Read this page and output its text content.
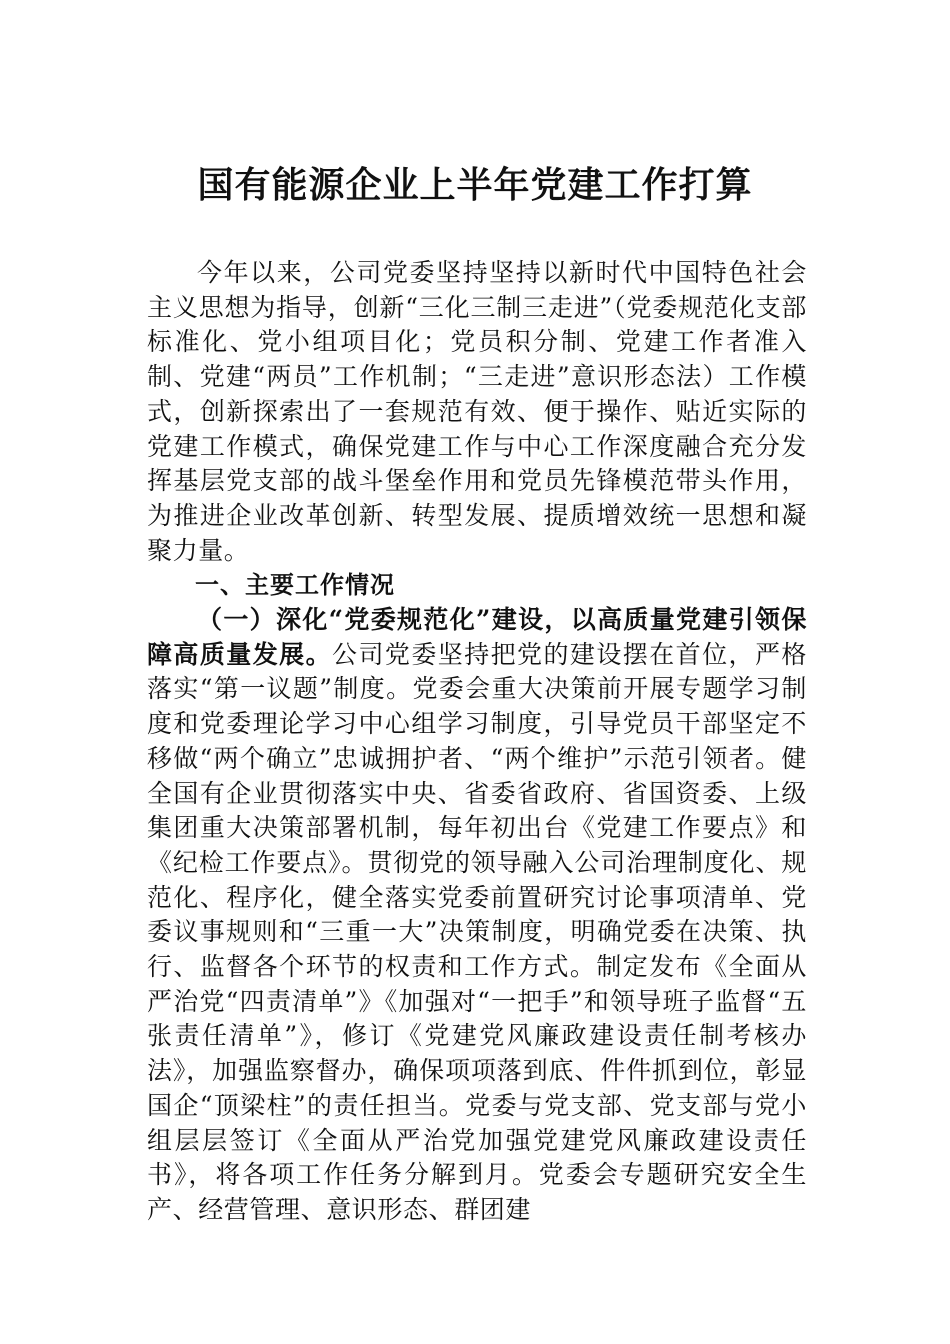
国有能源企业上半年党建工作打算

今年以来，公司党委坚持坚持以新时代中国特色社会主义思想为指导，创新“三化三制三走进”（党委规范化支部标准化、党小组项目化；党员积分制、党建工作者准入制、党建“两员”工作机制；“三走进”意识形态法）工作模式，创新探索出了一套规范有效、便于操作、贴近实际的党建工作模式，确保党建工作与中心工作深度融合充分发挥基层党支部的战斗堡垒作用和党员先锋模范带头作用，为推进企业改革创新、转型发展、提质增效统一思想和凝聚力量。

一、主要工作情况

（一）深化“党委规范化”建设，以高质量党建引领保障高质量发展。公司党委坚持把党的建设摆在首位，严格落实“第一议题”制度。党委会重大决策前开展专题学习制度和党委理论学习中心组学习制度，引导党员干部坚定不移做“两个确立”忠诚拥护者、“两个维护”示范引领者。健全国有企业贯彻落实中央、省委省政府、省国资委、上级集团重大决策部署机制，每年初出台《党建工作要点》和《纪检工作要点》。贯彻党的领导融入公司治理制度化、规范化、程序化，健全落实党委前置研究讨论事项清单、党委议事规则和“三重一大”决策制度，明确党委在决策、执行、监督各个环节的权责和工作方式。制定发布《全面从严治党“四责清单”》《加强对“一把手”和领导班子监督“五张责任清单”》，修订《党建党风廉政建设责任制考核办法》，加强监察督办，确保项项落到底、件件抓到位，彰显国企“顶梁柱”的责任担当。党委与党支部、党支部与党小组层层签订《全面从严治党加强党建党风廉政建设责任书》，将各项工作任务分解到月。党委会专题研究安全生产、经营管理、意识形态、群团建
